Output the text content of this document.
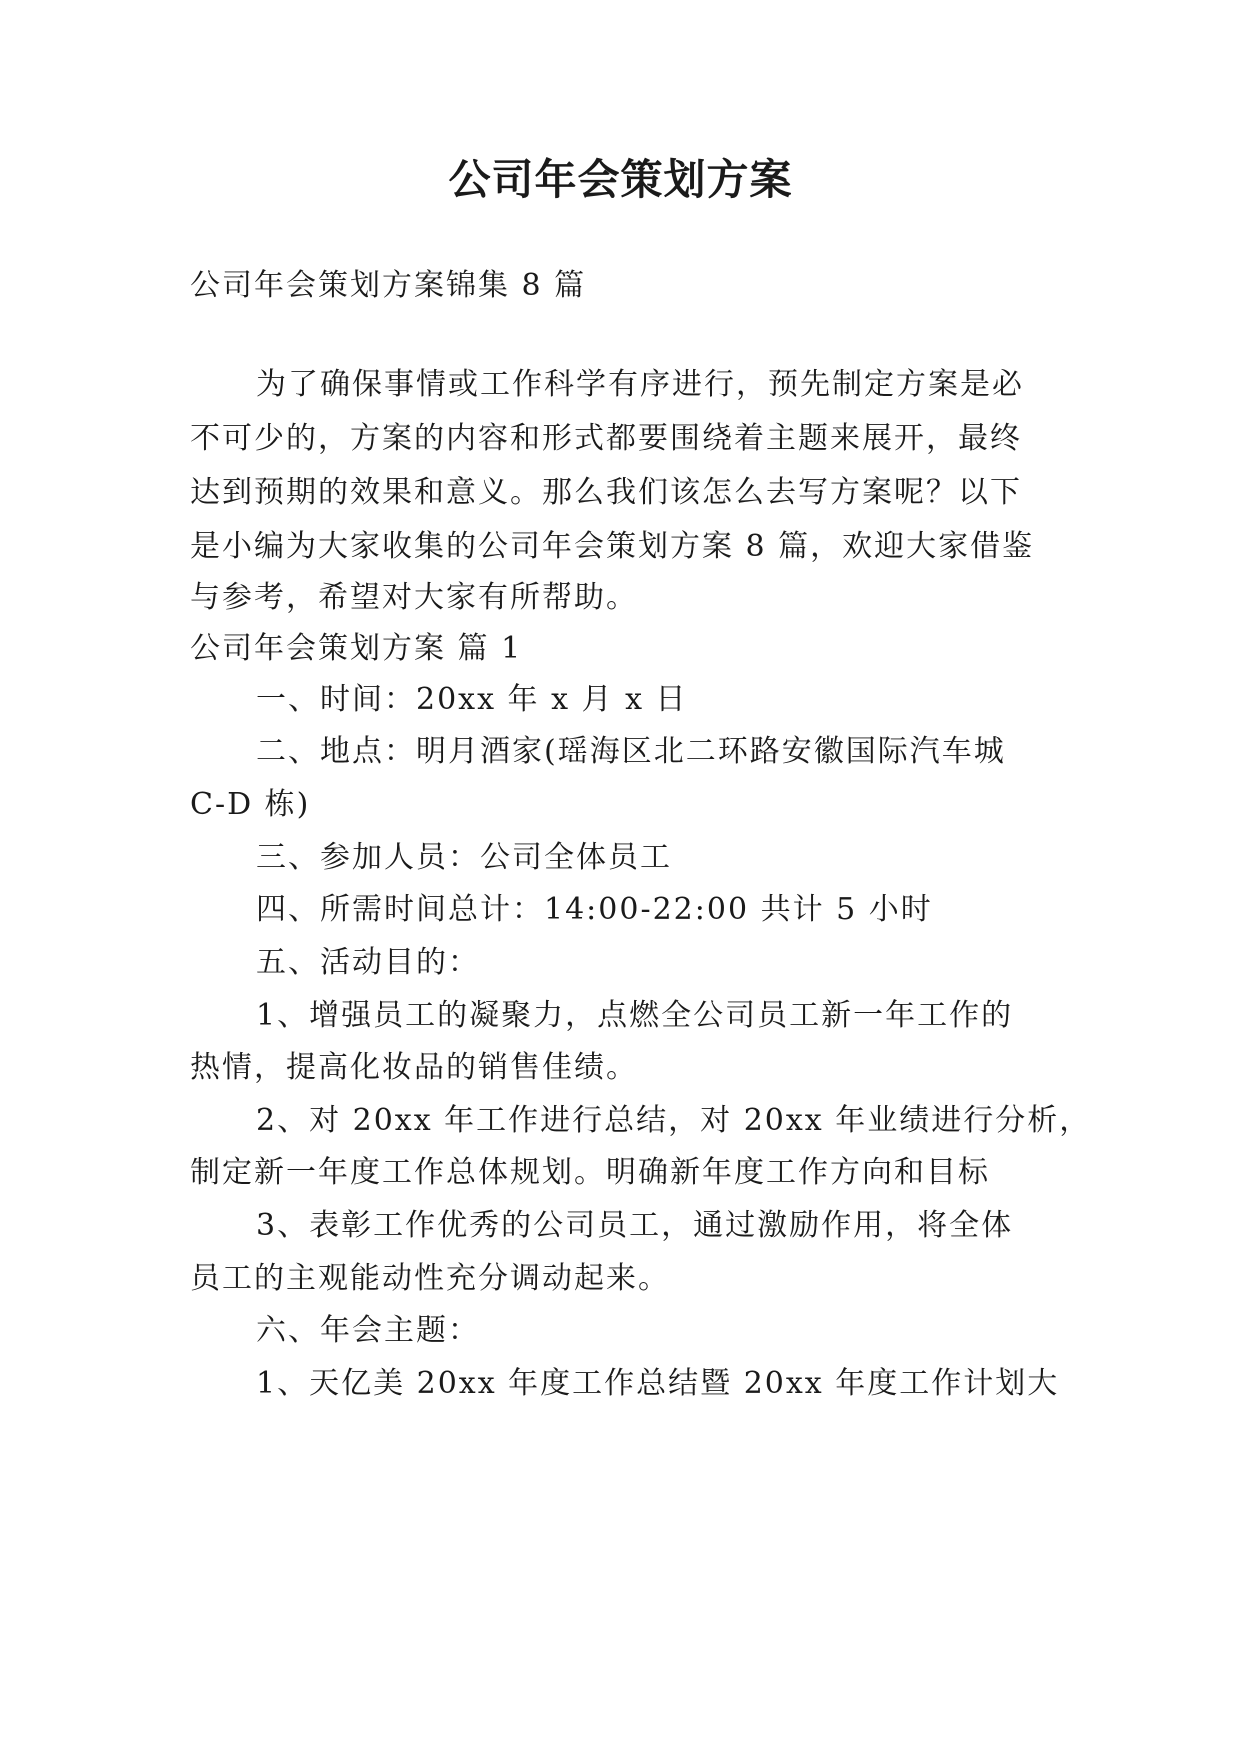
公司年会策划方案
公司年会策划方案锦集 8 篇
为了确保事情或工作科学有序进行，预先制定方案是必
不可少的，方案的内容和形式都要围绕着主题来展开，最终
达到预期的效果和意义。那么我们该怎么去写方案呢？以下
是小编为大家收集的公司年会策划方案 8 篇，欢迎大家借鉴
与参考，希望对大家有所帮助。
公司年会策划方案 篇 1
一、时间：20xx 年 x 月 x 日
二、地点：明月酒家(瑶海区北二环路安徽国际汽车城
C-D 栋)
三、参加人员：公司全体员工
四、所需时间总计：14:00-22:00 共计 5 小时
五、活动目的：
1、增强员工的凝聚力，点燃全公司员工新一年工作的
热情，提高化妆品的销售佳绩。
2、对 20xx 年工作进行总结，对 20xx 年业绩进行分析，
制定新一年度工作总体规划。明确新年度工作方向和目标
3、表彰工作优秀的公司员工，通过激励作用，将全体
员工的主观能动性充分调动起来。
六、年会主题：
1、天亿美 20xx 年度工作总结暨 20xx 年度工作计划大
